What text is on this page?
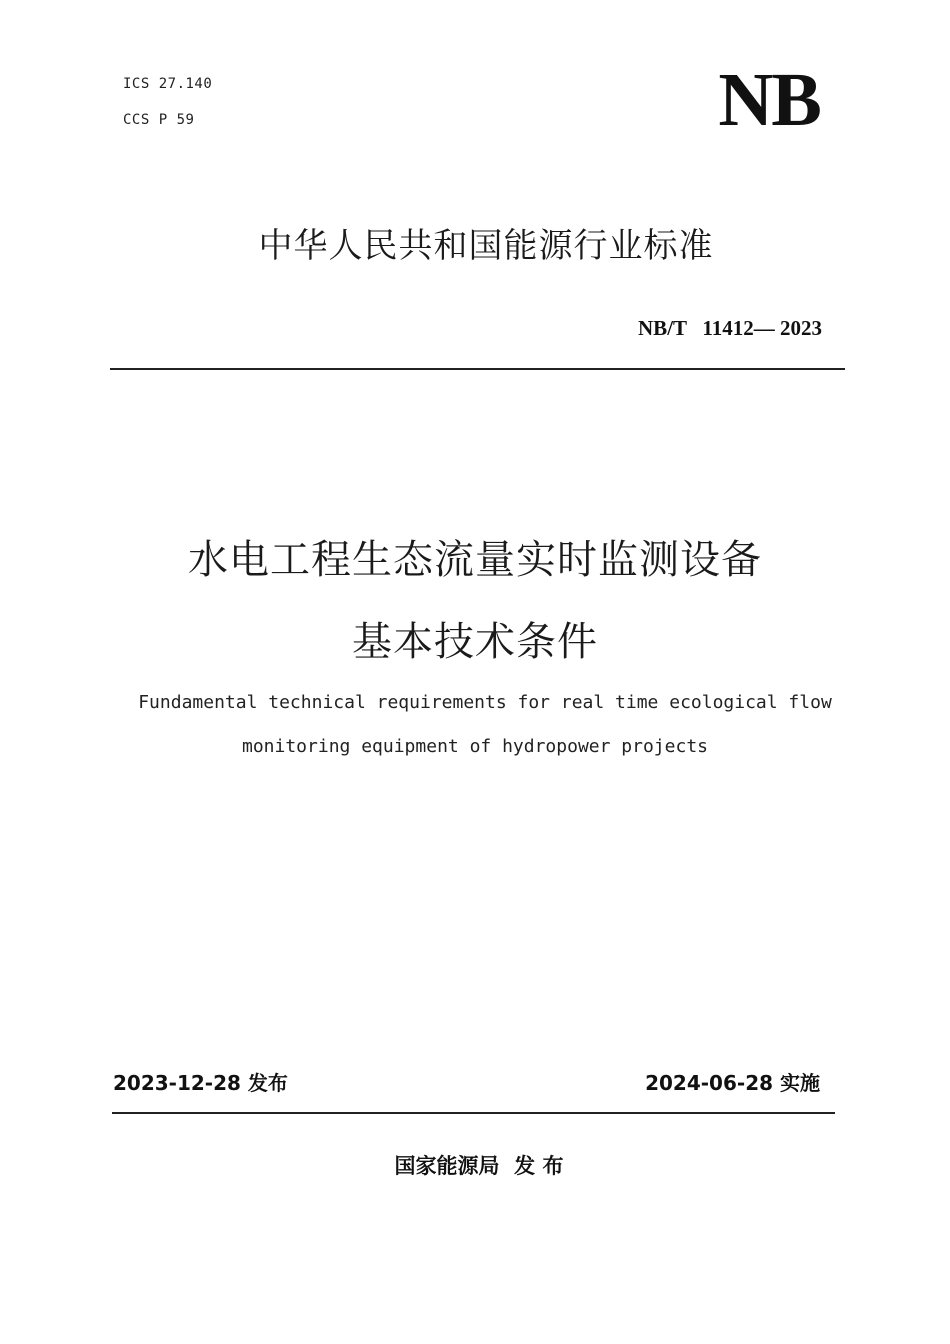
ICS 27.140
CCS P 59	NB
中华人民共和国能源行业标准
NB/T   11412— 2023
水电工程生态流量实时监测设备
基本技术条件
Fundamental technical requirements for real time ecological flow
monitoring equipment of hydropower projects
2023-12-28 发布	2024-06-28 实施
国家能源局  发 布
